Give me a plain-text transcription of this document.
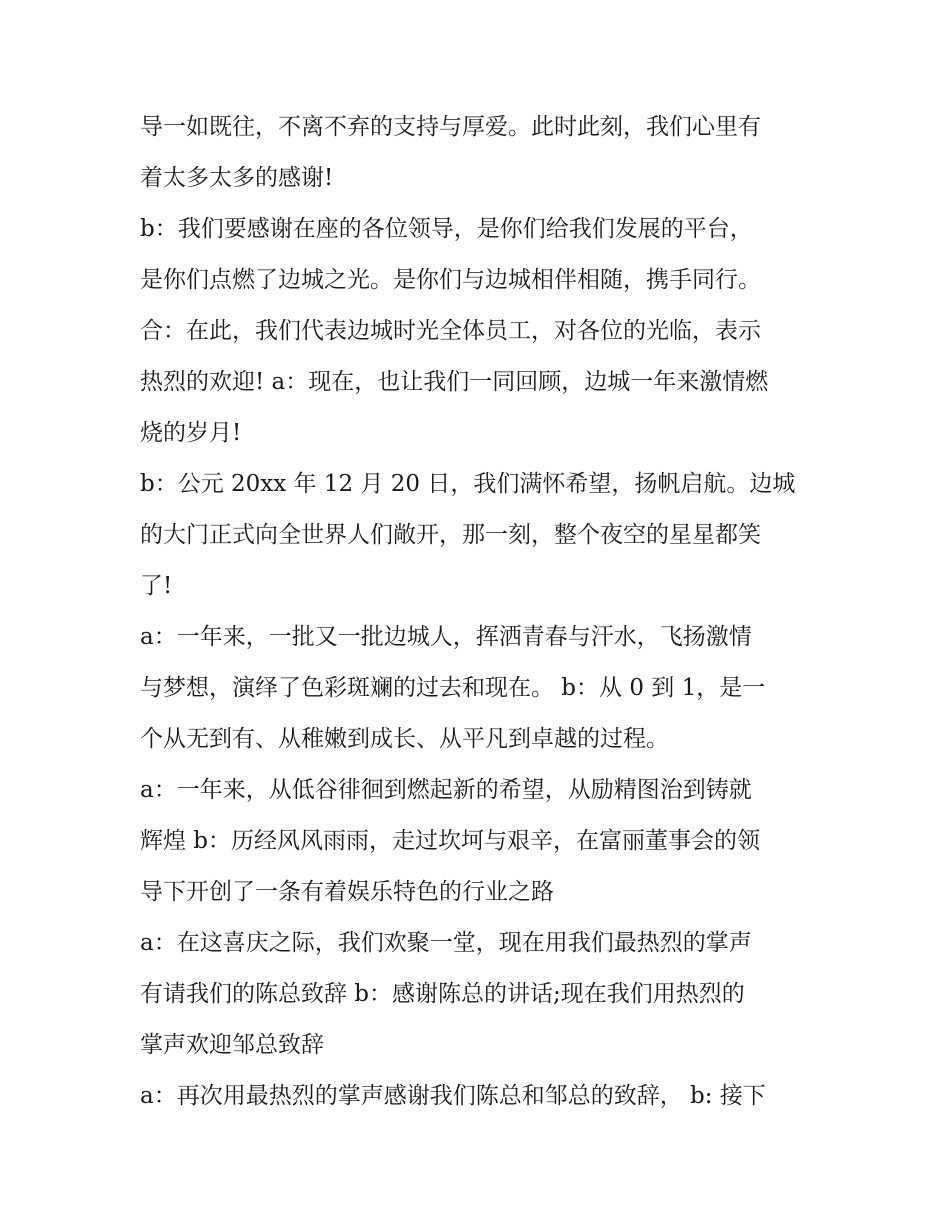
导一如既往，不离不弃的支持与厚爱。此时此刻，我们心里有
着太多太多的感谢!
b：我们要感谢在座的各位领导，是你们给我们发展的平台，
是你们点燃了边城之光。是你们与边城相伴相随，携手同行。
合：在此，我们代表边城时光全体员工，对各位的光临，表示
热烈的欢迎! a：现在，也让我们一同回顾，边城一年来激情燃
烧的岁月!
b：公元 20xx 年 12 月 20 日，我们满怀希望，扬帆启航。边城
的大门正式向全世界人们敞开，那一刻，整个夜空的星星都笑
了!
a：一年来，一批又一批边城人，挥洒青春与汗水，飞扬激情
与梦想，演绎了色彩斑斓的过去和现在。 b：从 0 到 1，是一
个从无到有、从稚嫩到成长、从平凡到卓越的过程。
a：一年来，从低谷徘徊到燃起新的希望，从励精图治到铸就
辉煌 b：历经风风雨雨，走过坎坷与艰辛，在富丽董事会的领
导下开创了一条有着娱乐特色的行业之路
a：在这喜庆之际，我们欢聚一堂，现在用我们最热烈的掌声
有请我们的陈总致辞 b：感谢陈总的讲话;现在我们用热烈的
掌声欢迎邹总致辞
a：再次用最热烈的掌声感谢我们陈总和邹总的致辞， b: 接下
